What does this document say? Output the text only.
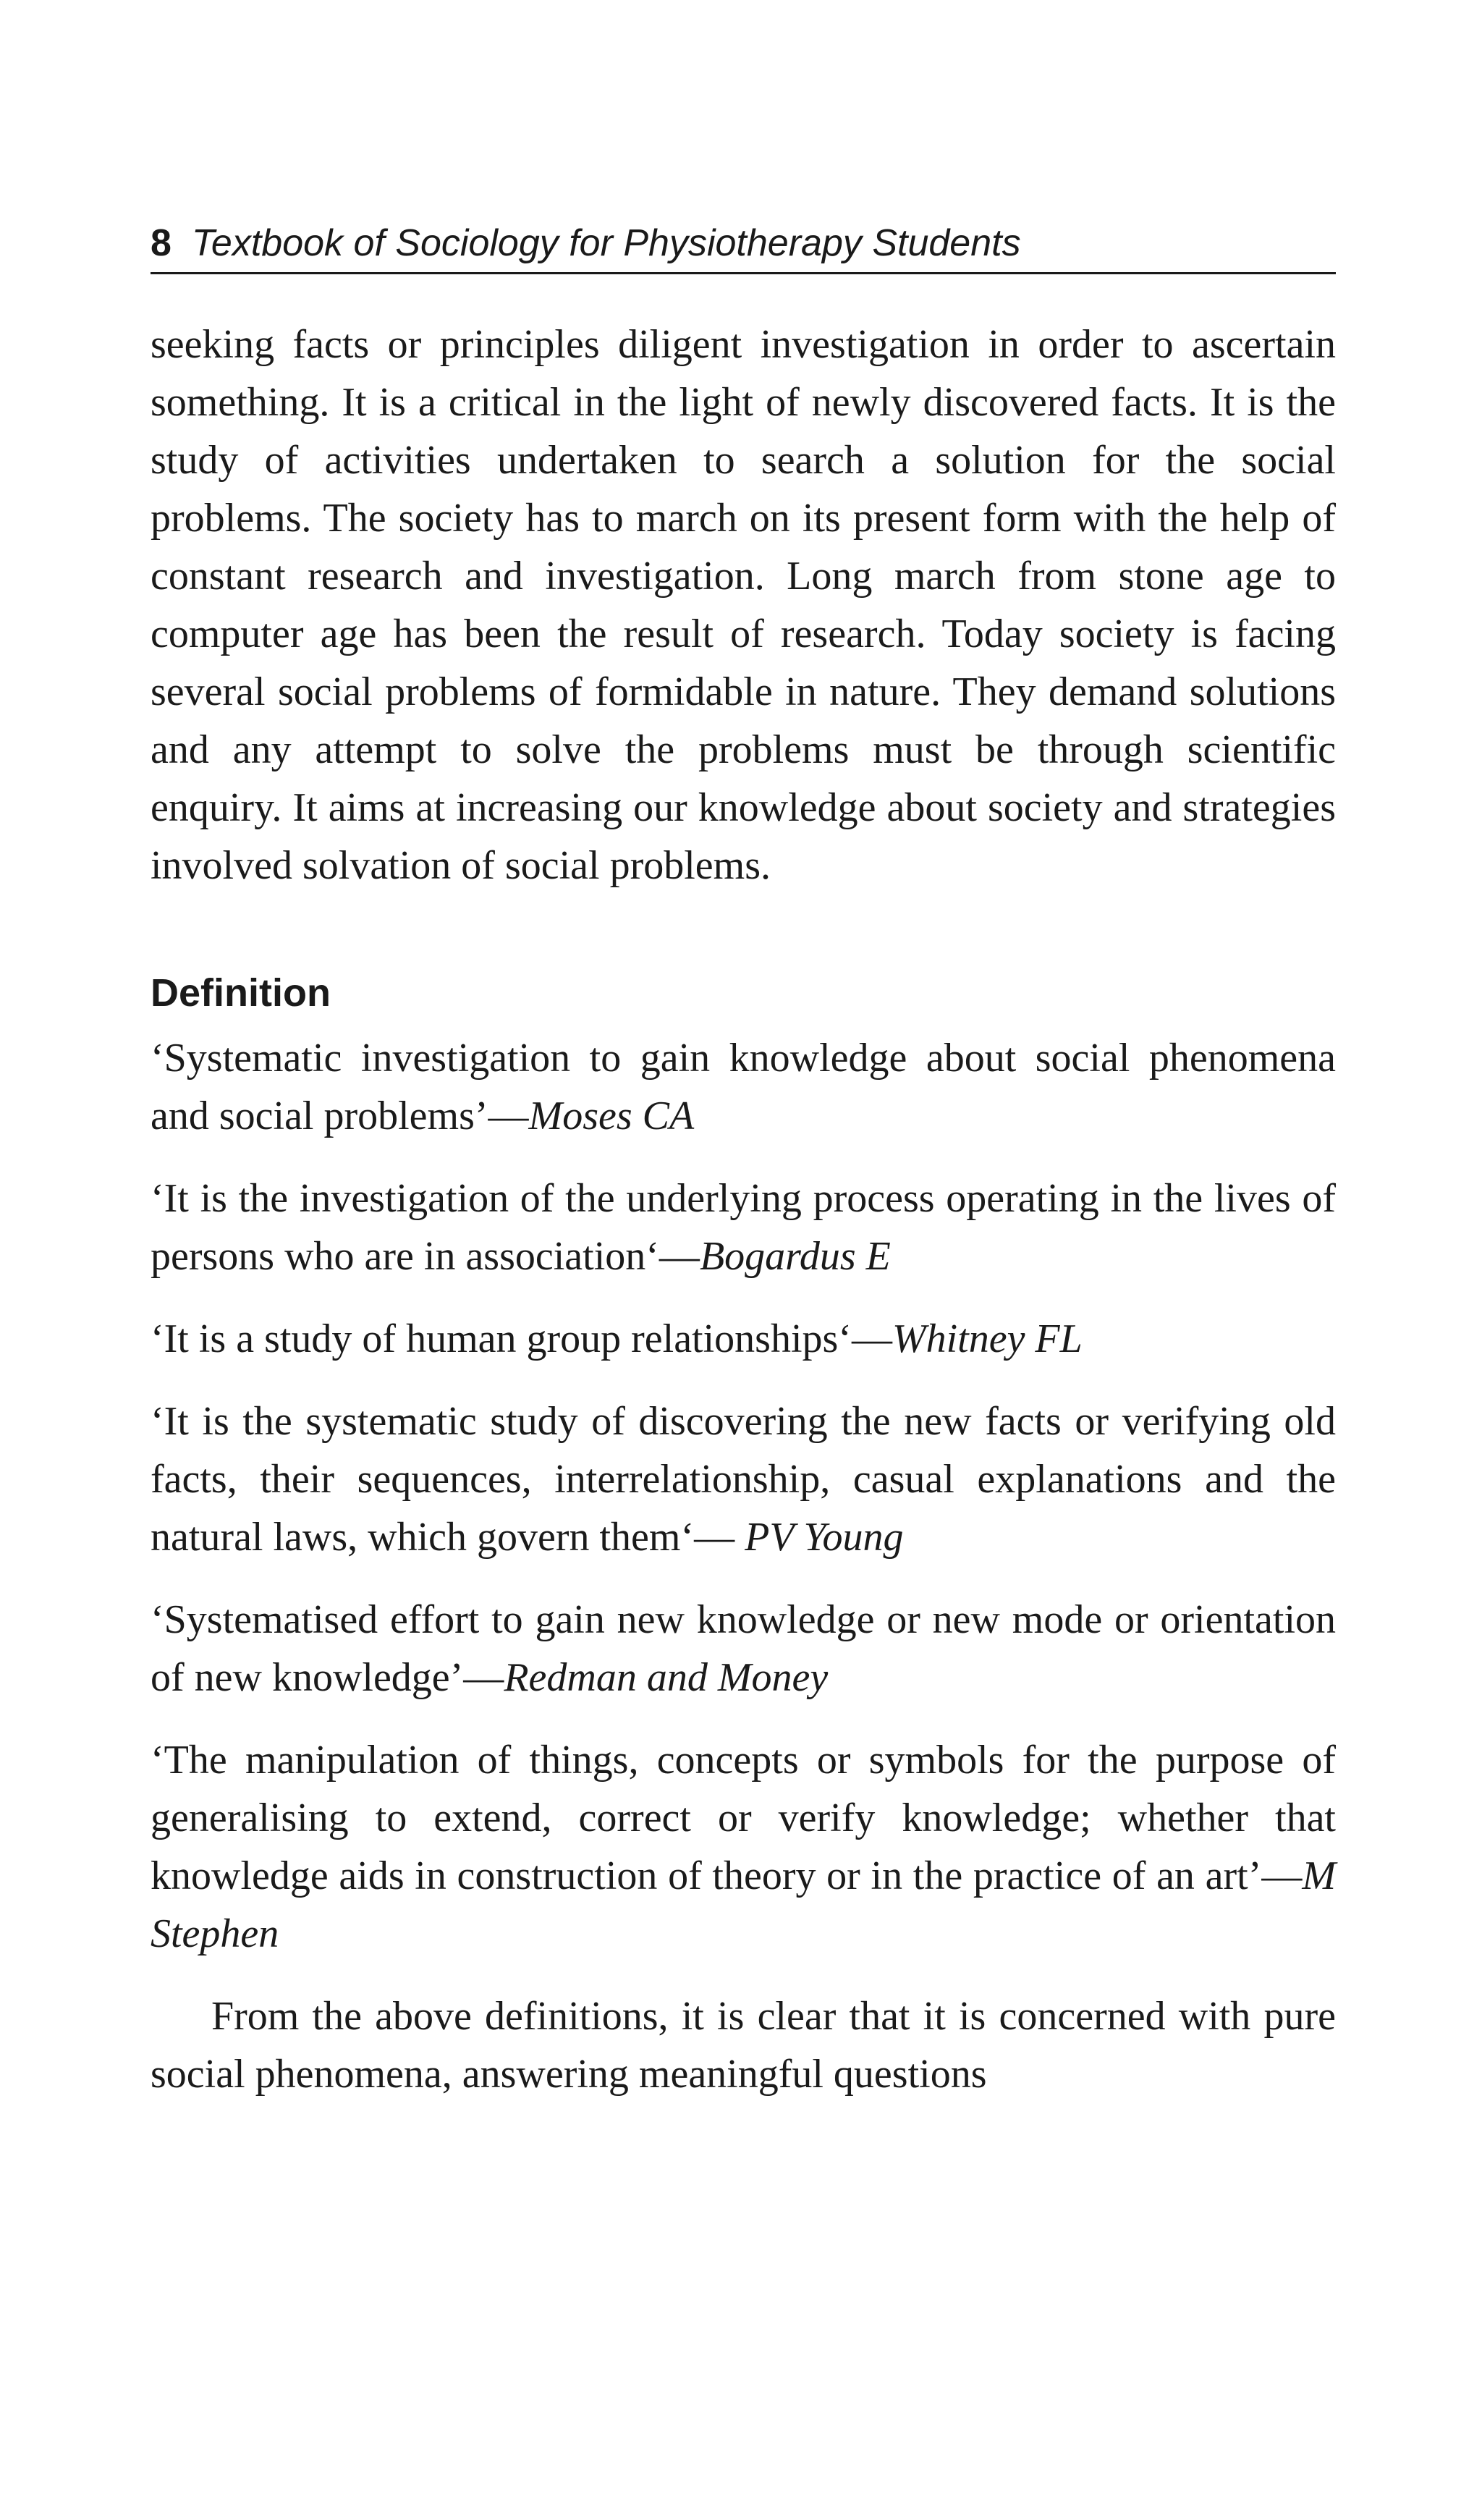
8 Textbook of Sociology for Physiotherapy Students

seeking facts or principles diligent investigation in order to ascertain something. It is a critical in the light of newly discovered facts. It is the study of activities undertaken to search a solution for the social problems. The society has to march on its present form with the help of constant research and investigation. Long march from stone age to computer age has been the result of research. Today society is facing several social problems of formidable in nature. They demand solutions and any attempt to solve the problems must be through scientific enquiry. It aims at increasing our knowledge about society and strategies involved solvation of social problems.

Definition

‘Systematic investigation to gain knowledge about social phenomena and social problems’—Moses CA

‘It is the investigation of the underlying process operating in the lives of persons who are in association‘—Bogardus E

‘It is a study of human group relationships‘—Whitney FL

‘It is the systematic study of discovering the new facts or verifying old facts, their sequences, interrelationship, casual explanations and the natural laws, which govern them‘— PV Young

‘Systematised effort to gain new knowledge or new mode or orientation of new knowledge’—Redman and Money

‘The manipulation of things, concepts or symbols for the purpose of generalising to extend, correct or verify knowledge; whether that knowledge aids in construction of theory or in the practice of an art’—M Stephen

From the above definitions, it is clear that it is concerned with pure social phenomena, answering meaningful questions
